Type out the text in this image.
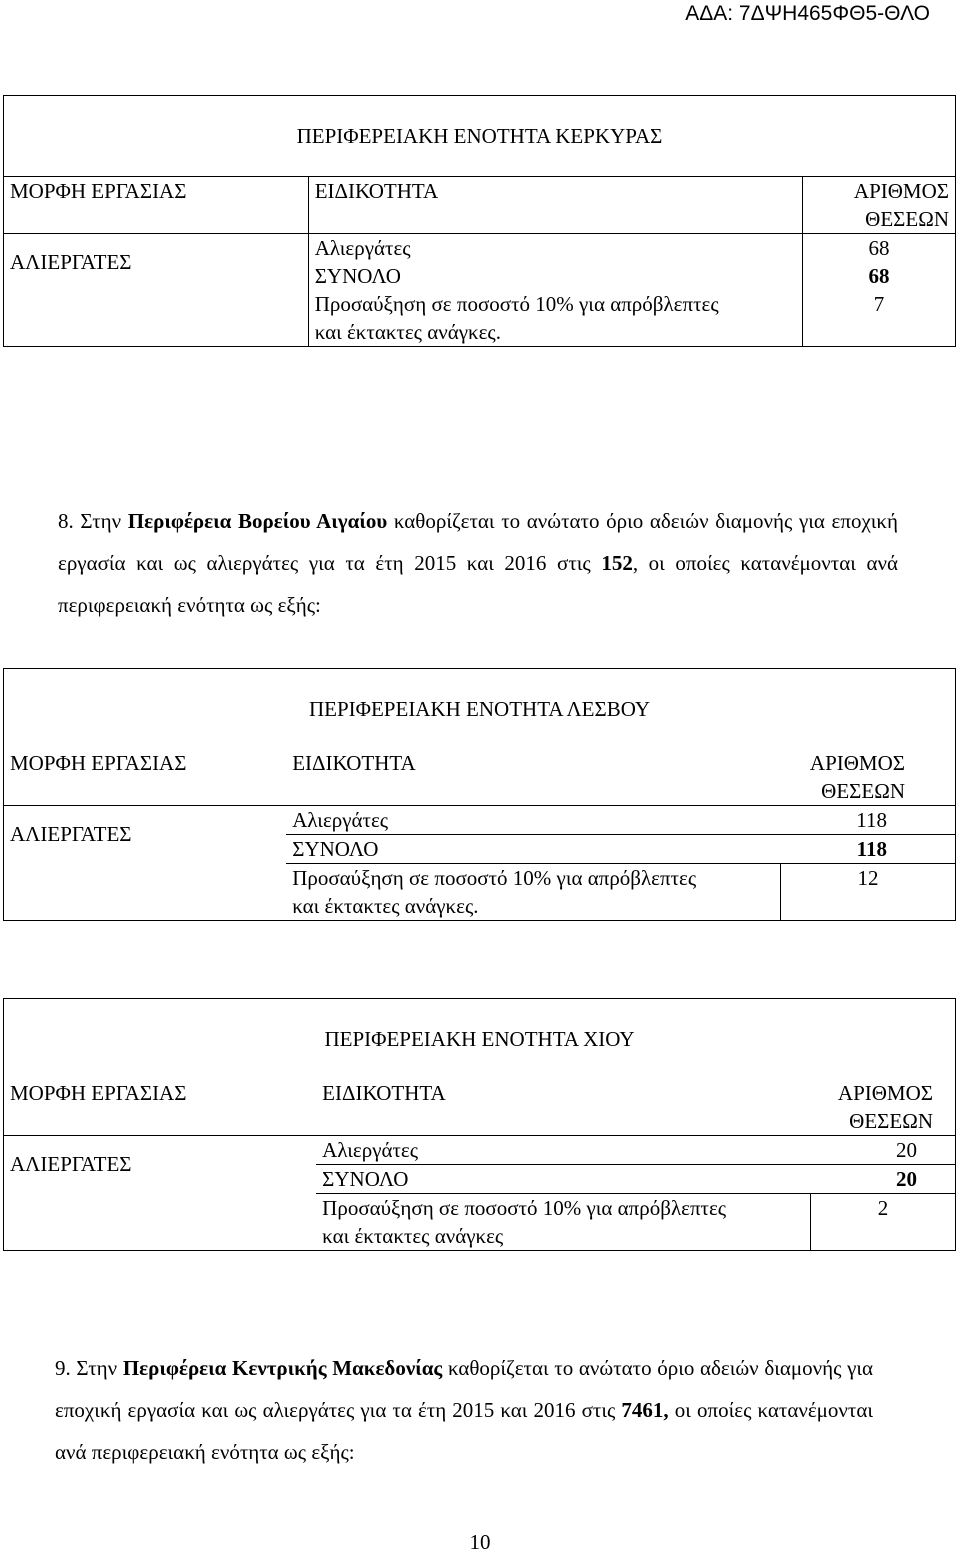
ΑΔΑ: 7ΔΨΗ465ΦΘ5-ΘΛΟ
ΠΕΡΙΦΕΡΕΙΑΚΗ ΕΝΟΤΗΤΑ ΚΕΡΚΥΡΑΣ		
ΜΟΡΦΗ ΕΡΓΑΣΙΑΣ	ΕΙΔΙΚΟΤΗΤΑ	ΑΡΙΘΜΟΣ
ΘΕΣΕΩΝ

ΑΛΙΕΡΓΑΤΕΣ	Αλιεργάτες	68
	ΣΥΝΟΛΟ	68

	Προσαύξηση σε ποσοστό 10% για απρόβλεπτες
και έκτακτες ανάγκες.	7

8. Στην Περιφέρεια Βορείου Αιγαίου καθορίζεται το ανώτατο όριο αδειών διαμονής για εποχική εργασία και ως αλιεργάτες για τα έτη 2015 και 2016 στις 152, οι οποίες κατανέμονται ανά περιφερειακή ενότητα ως εξής:

ΠΕΡΙΦΕΡΕΙΑΚΗ ΕΝΟΤΗΤΑ ΛΕΣΒΟΥ		
ΜΟΡΦΗ ΕΡΓΑΣΙΑΣ	ΕΙΔΙΚΟΤΗΤΑ	ΑΡΙΘΜΟΣ
ΘΕΣΕΩΝ

ΑΛΙΕΡΓΑΤΕΣ	Αλιεργάτες	118
	ΣΥΝΟΛΟ	118

	Προσαύξηση σε ποσοστό 10% για απρόβλεπτες
και έκτακτες ανάγκες.	12
ΠΕΡΙΦΕΡΕΙΑΚΗ ΕΝΟΤΗΤΑ ΧΙΟΥ		
ΜΟΡΦΗ ΕΡΓΑΣΙΑΣ	ΕΙΔΙΚΟΤΗΤΑ	ΑΡΙΘΜΟΣ
ΘΕΣΕΩΝ

ΑΛΙΕΡΓΑΤΕΣ	Αλιεργάτες	20
	ΣΥΝΟΛΟ	20

	Προσαύξηση σε ποσοστό 10% για απρόβλεπτες
και έκτακτες ανάγκες	2

9. Στην Περιφέρεια Κεντρικής Μακεδονίας καθορίζεται το ανώτατο όριο αδειών διαμονής για εποχική εργασία και ως αλιεργάτες για τα έτη 2015 και 2016 στις 7461, οι οποίες κατανέμονται ανά περιφερειακή ενότητα ως εξής:

10
